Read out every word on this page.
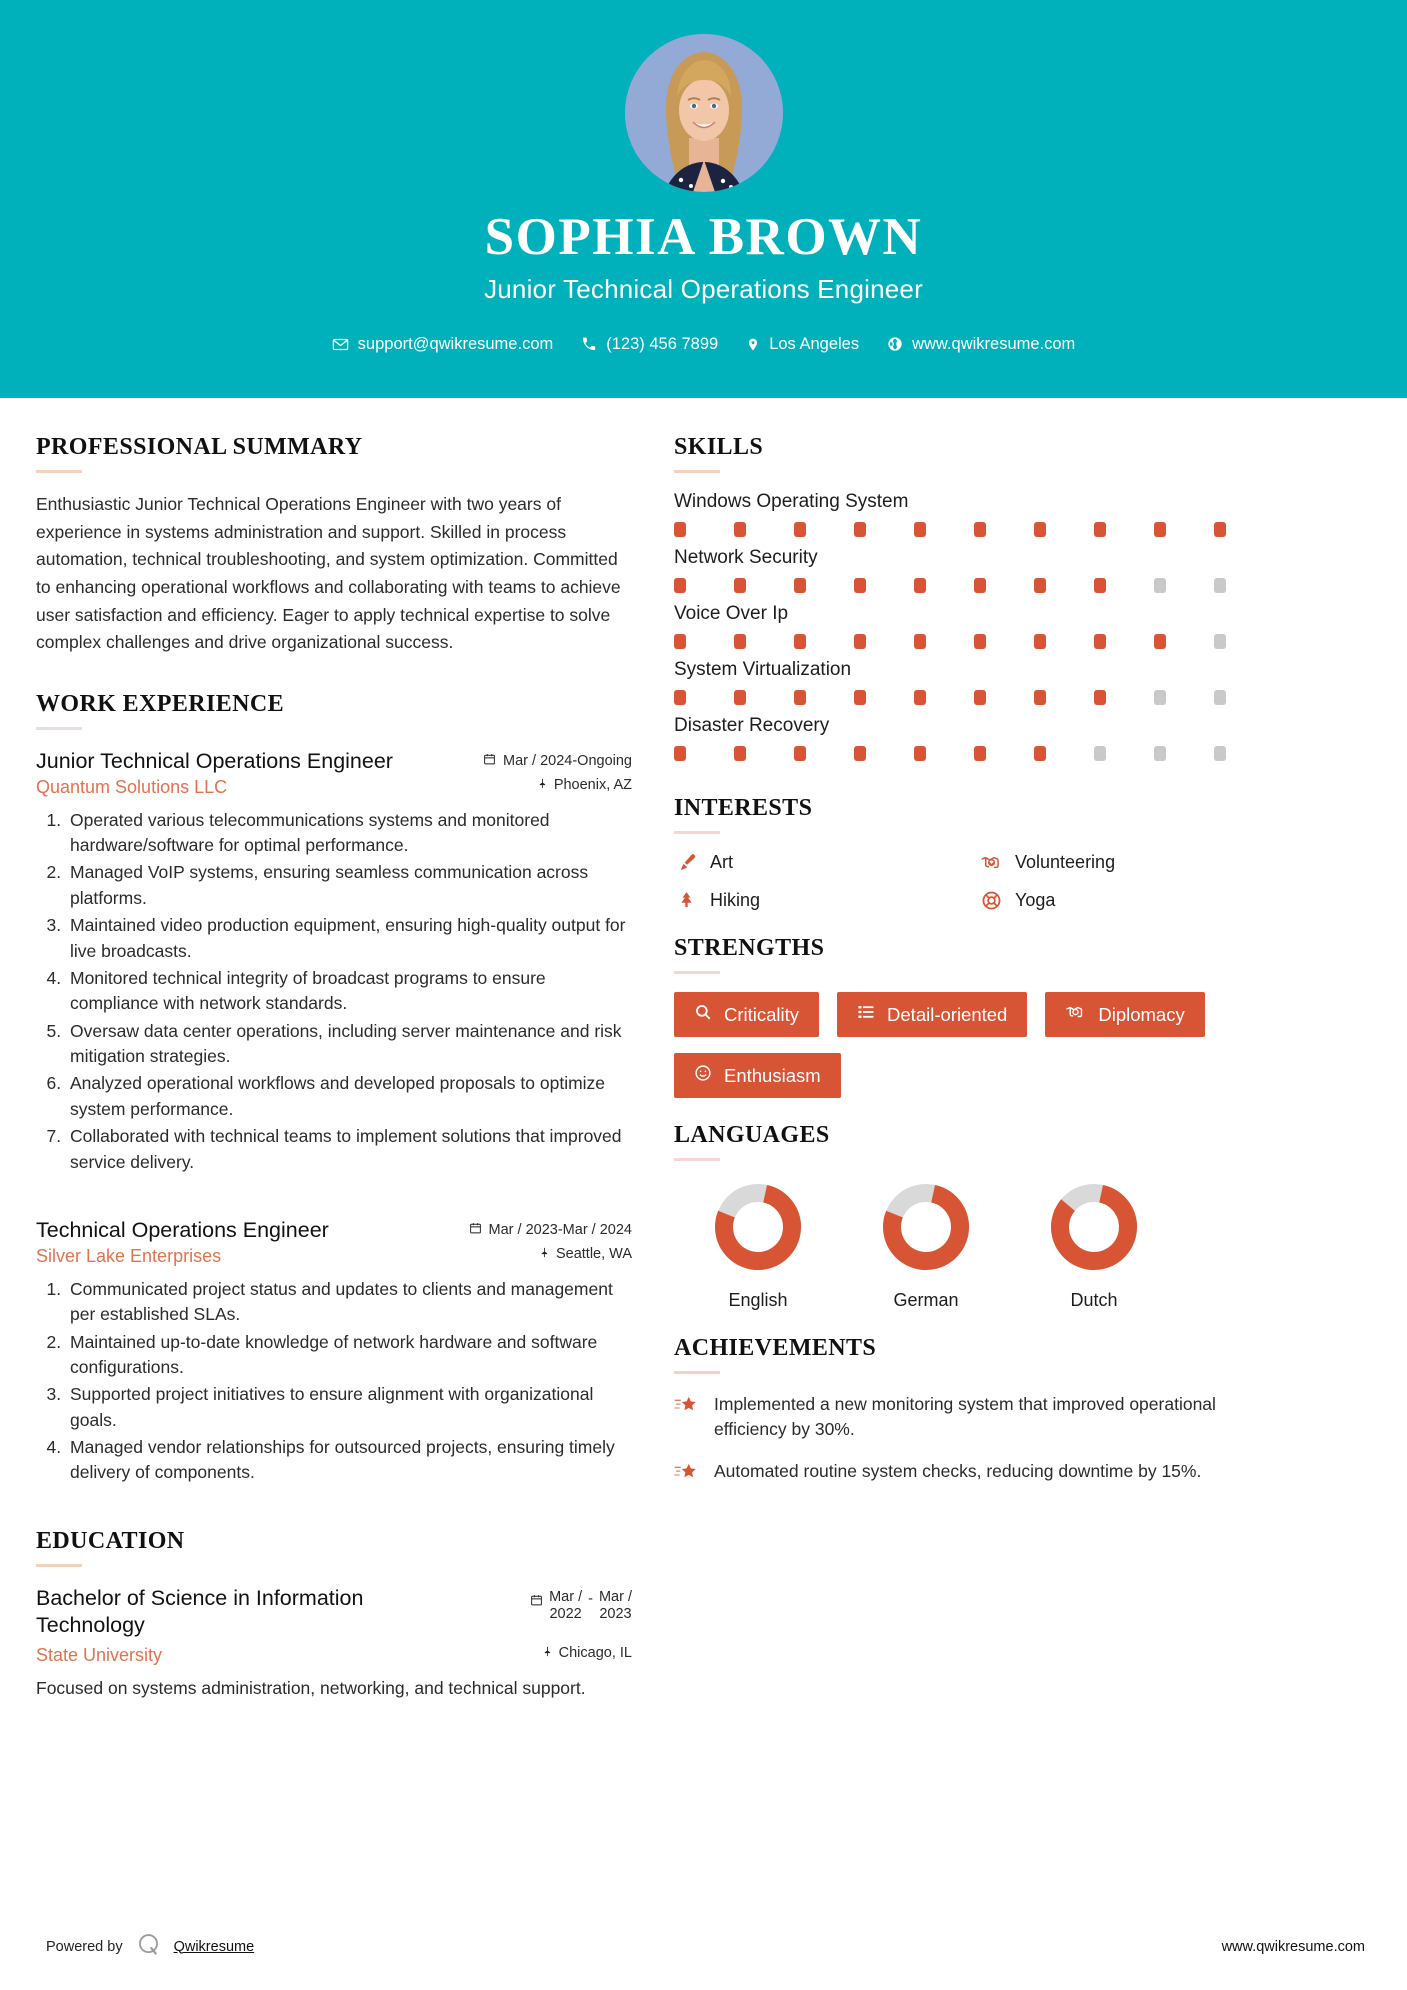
SOPHIA BROWN
Junior Technical Operations Engineer
support@qwikresume.com	(123) 456 7899	Los Angeles	www.qwikresume.com
PROFESSIONAL SUMMARY
Enthusiastic Junior Technical Operations Engineer with two years of experience in systems administration and support. Skilled in process automation, technical troubleshooting, and system optimization. Committed to enhancing operational workflows and collaborating with teams to achieve user satisfaction and efficiency. Eager to apply technical expertise to solve complex challenges and drive organizational success.
WORK EXPERIENCE
Junior Technical Operations Engineer	Mar / 2024-Ongoing
Quantum Solutions LLC	Phoenix, AZ
1. Operated various telecommunications systems and monitored hardware/software for optimal performance.
2. Managed VoIP systems, ensuring seamless communication across platforms.
3. Maintained video production equipment, ensuring high-quality output for live broadcasts.
4. Monitored technical integrity of broadcast programs to ensure compliance with network standards.
5. Oversaw data center operations, including server maintenance and risk mitigation strategies.
6. Analyzed operational workflows and developed proposals to optimize system performance.
7. Collaborated with technical teams to implement solutions that improved service delivery.
Technical Operations Engineer	Mar / 2023-Mar / 2024
Silver Lake Enterprises	Seattle, WA
1. Communicated project status and updates to clients and management per established SLAs.
2. Maintained up-to-date knowledge of network hardware and software configurations.
3. Supported project initiatives to ensure alignment with organizational goals.
4. Managed vendor relationships for outsourced projects, ensuring timely delivery of components.
EDUCATION
Bachelor of Science in Information Technology
Mar /
2022
- Mar /
2023
State University	Chicago, IL
Focused on systems administration, networking, and technical support.
SKILLS
Windows Operating System
Network Security
Voice Over Ip
System Virtualization
Disaster Recovery
INTERESTS
Art	Volunteering
Hiking	Yoga
STRENGTHS
Criticality	Detail-oriented	Diplomacy
Enthusiasm
LANGUAGES
English	German	Dutch
ACHIEVEMENTS
Implemented a new monitoring system that improved operational efficiency by 30%.
Automated routine system checks, reducing downtime by 15%.
Powered by	Qwikresume	www.qwikresume.com
